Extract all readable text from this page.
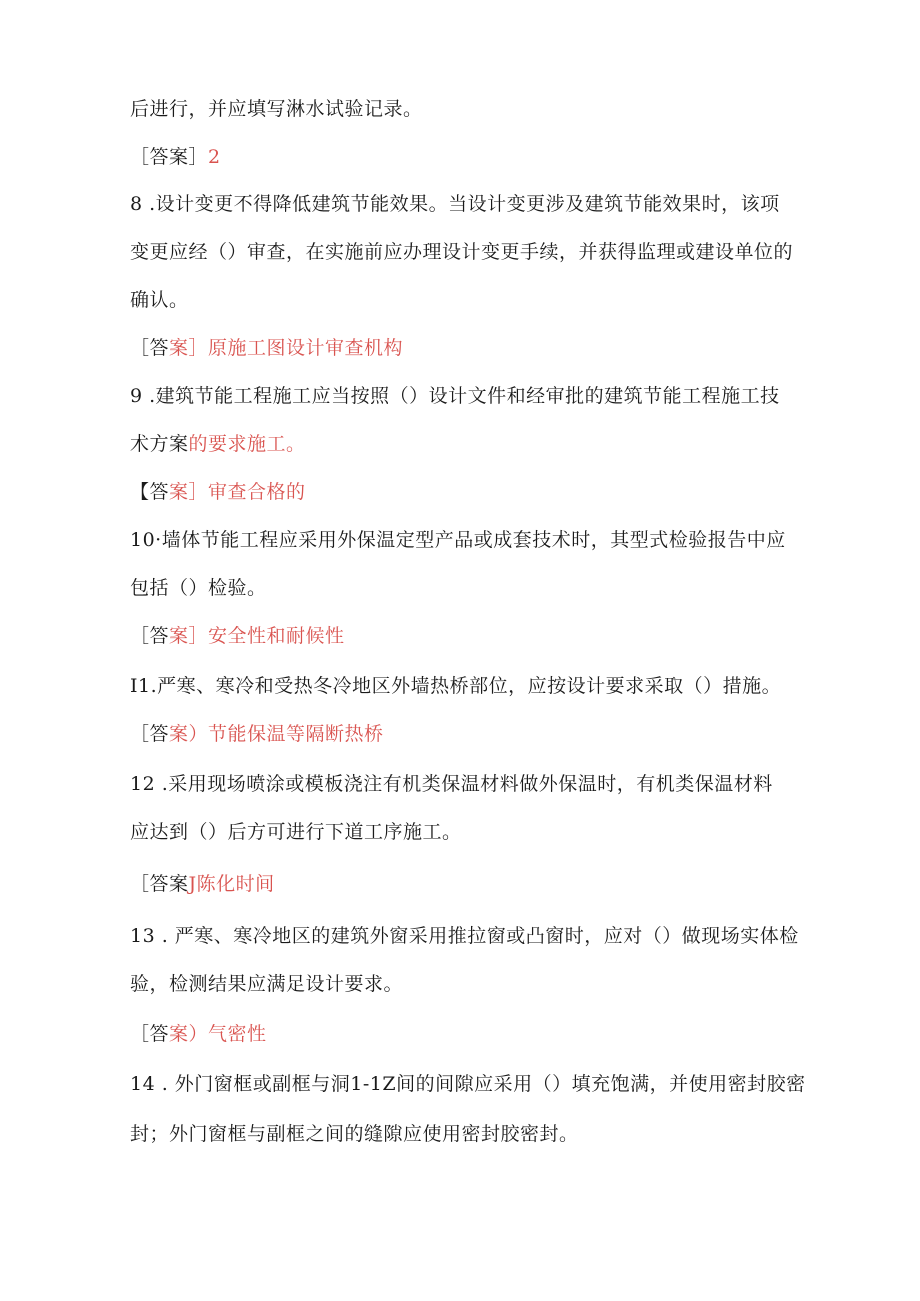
后进行，并应填写淋水试验记录。
［答案］2
8 .设计变更不得降低建筑节能效果。当设计变更涉及建筑节能效果时，该项
变更应经（）审查，在实施前应办理设计变更手续，并获得监理或建设单位的
确认。
［答案］原施工图设计审查机构
9 .建筑节能工程施工应当按照（）设计文件和经审批的建筑节能工程施工技
术方案的要求施工。
【答案］审查合格的
10·墙体节能工程应采用外保温定型产品或成套技术时，其型式检验报告中应
包括（）检验。
［答案］安全性和耐候性
I1.严寒、寒冷和受热冬冷地区外墙热桥部位，应按设计要求采取（）措施。
［答案）节能保温等隔断热桥
12 .采用现场喷涂或模板浇注有机类保温材料做外保温时，有机类保温材料
应达到（）后方可进行下道工序施工。
［答案J陈化时间
13 . 严寒、寒冷地区的建筑外窗采用推拉窗或凸窗时，应对（）做现场实体检
验，检测结果应满足设计要求。
［答案）气密性
14 . 外门窗框或副框与洞1-1Z间的间隙应采用（）填充饱满，并使用密封胶密
封；外门窗框与副框之间的缝隙应使用密封胶密封。
